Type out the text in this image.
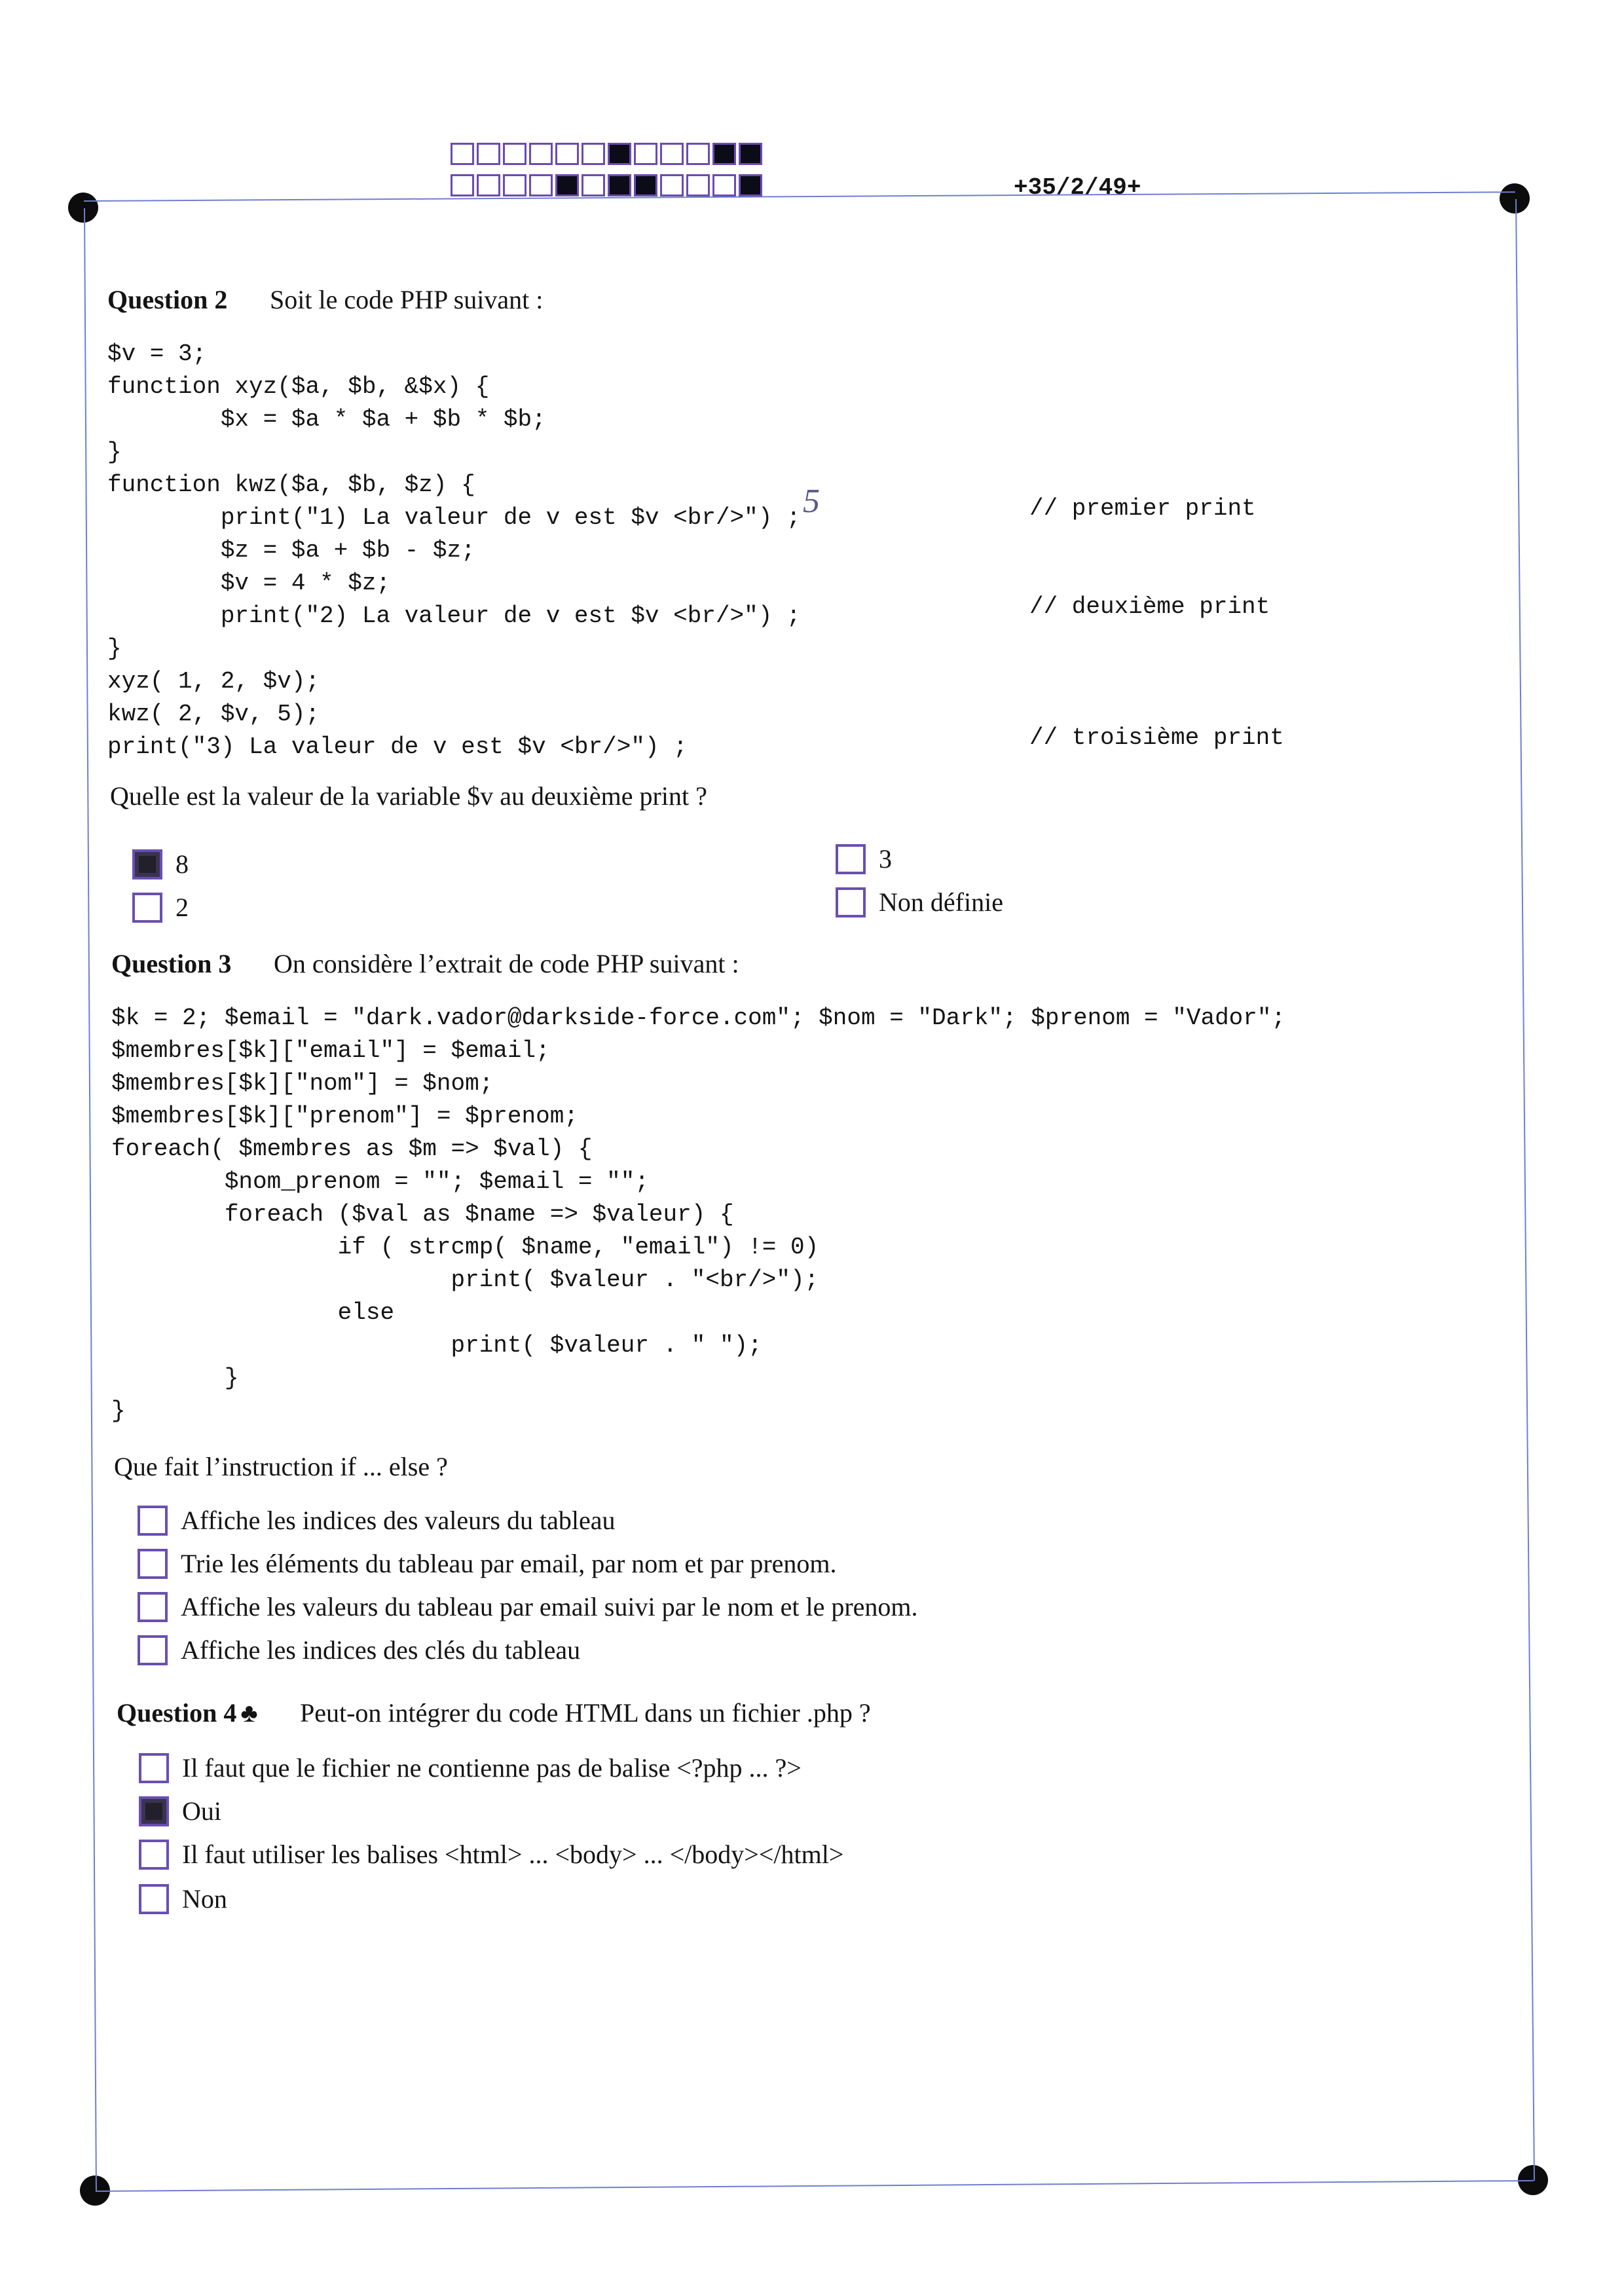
+35/2/49+
Question 2 Soit le code PHP suivant :
$v = 3;
function xyz($a, $b, &$x) {
$x = $a * $a + $b * $b;
}
function kwz($a, $b, $z) {
print("1) La valeur de v est $v <br/>") ;
$z = $a + $b - $z;
$v = 4 * $z;
print("2) La valeur de v est $v <br/>") ;
}
xyz( 1, 2, $v);
kwz( 2, $v, 5);
print("3) La valeur de v est $v <br/>") ;
// premier print
// deuxième print
// troisième print
5
Quelle est la valeur de la variable $v au deuxième print ?
8
2
3
Non définie
Question 3 On considère l’extrait de code PHP suivant :
$k = 2; $email = "dark.vador@darkside-force.com"; $nom = "Dark"; $prenom = "Vador";
$membres[$k]["email"] = $email;
$membres[$k]["nom"] = $nom;
$membres[$k]["prenom"] = $prenom;
foreach( $membres as $m => $val) {
$nom_prenom = ""; $email = "";
foreach ($val as $name => $valeur) {
if ( strcmp( $name, "email") != 0)
print( $valeur . "<br/>");
else
print( $valeur . " ");
}
}
Que fait l’instruction if ... else ?
Affiche les indices des valeurs du tableau
Trie les éléments du tableau par email, par nom et par prenom.
Affiche les valeurs du tableau par email suivi par le nom et le prenom.
Affiche les indices des clés du tableau
Question 4 ♣ Peut-on intégrer du code HTML dans un fichier .php ?
Il faut que le fichier ne contienne pas de balise <?php ... ?>
Oui
Il faut utiliser les balises <html> ... <body> ... </body></html>
Non
